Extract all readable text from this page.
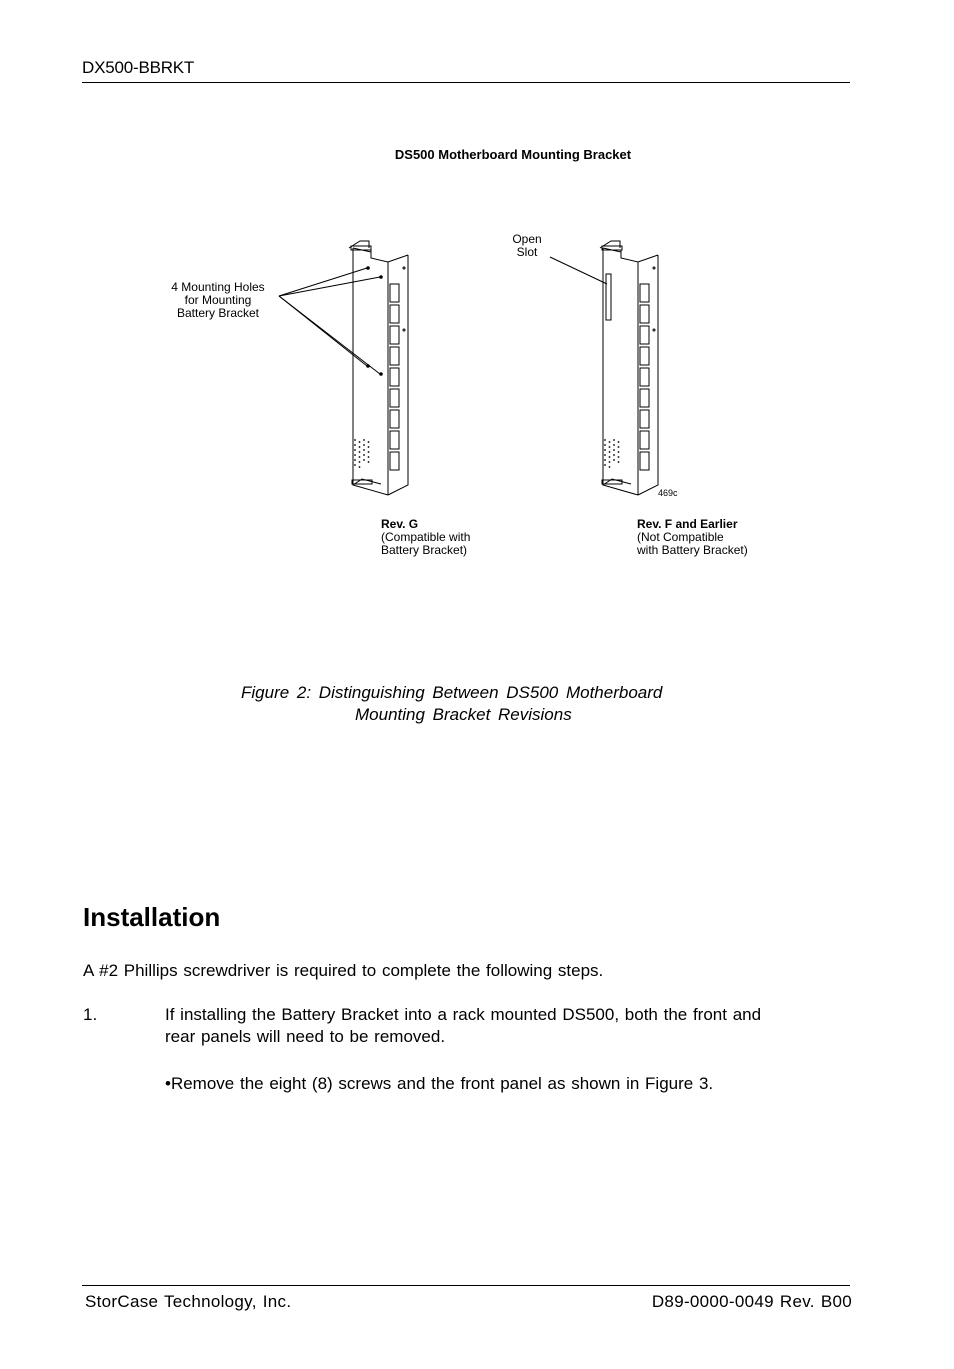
DX500-BBRKT
DS500 Motherboard Mounting Bracket
4 Mounting Holes
for Mounting
Battery Bracket
Open
Slot
469c
Rev. G
(Compatible with
Battery Bracket)
Rev. F and Earlier
(Not Compatible
with Battery Bracket)
Figure 2: Distinguishing Between DS500 Motherboard
Mounting Bracket Revisions
Installation
A #2 Phillips screwdriver is required to complete the following steps.
1.	If installing the Battery Bracket into a rack mounted DS500, both the front and
rear panels will need to be removed.
•Remove the eight (8) screws and the front panel as shown in Figure 3.
StorCase Technology, Inc.	D89-0000-0049 Rev. B00
